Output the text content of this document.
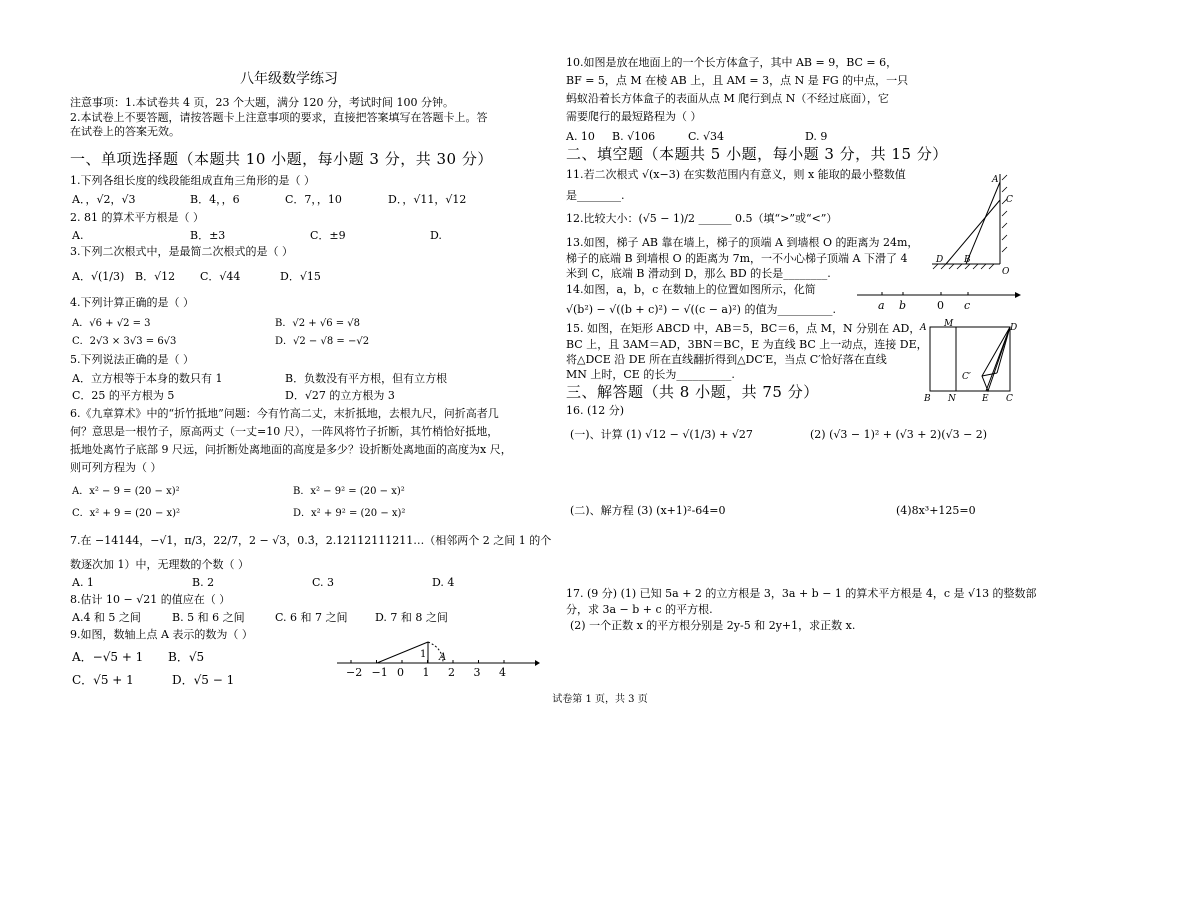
八年级数学练习
注意事项：1.本试卷共 4 页，23 个大题，满分 120 分，考试时间 100 分钟。
2.本试卷上不要答题，请按答题卡上注意事项的要求，直接把答案填写在答题卡上。答
在试卷上的答案无效。
一、单项选择题（本题共 10 小题，每小题 3 分，共 30 分）
1.下列各组长度的线段能组成直角三角形的是（ ）
A．，√2，√3	B．4，，6	C．7，，10	D．，√11，√12
2. 81 的算术平方根是（ ）
A.	B．±3	C．±9	D.
3.下列二次根式中，是最简二次根式的是（ ）
A．√(1/3) B．√12 C．√44	D．√15
4.下列计算正确的是（ ）
A．√6 + √2 = 3	B．√2 + √6 = √8
C．2√3 × 3√3 = 6√3	D．√2 − √8 = −√2
5.下列说法正确的是（ ）
A．立方根等于本身的数只有 1	B．负数没有平方根，但有立方根
C．25 的平方根为 5	D．√27 的立方根为 3
6.《九章算术》中的“折竹抵地”问题：今有竹高二丈，末折抵地，去根九尺，问折高者几
何？意思是一根竹子，原高两丈（一丈=10 尺），一阵风将竹子折断，其竹梢恰好抵地，
抵地处离竹子底部 9 尺远，问折断处离地面的高度是多少？设折断处离地面的高度为x 尺，
则可列方程为（ ）
A．x² − 9 = (20 − x)²	B．x² − 9² = (20 − x)²
C．x² + 9 = (20 − x)²	D．x² + 9² = (20 − x)²
7.在 −14144，−√1，π/3，22/7，2 − √3，0.3̇，2.12112111211…（相邻两个 2 之间 1 的个
数逐次加 1）中，无理数的个数（ ）
A. 1	B. 2	C. 3	D. 4
8.估计 10 − √21 的值应在（ ）
A.4 和 5 之间	B. 5 和 6 之间	C. 6 和 7 之间 D. 7 和 8 之间
9.如图，数轴上点 A 表示的数为（ ）
A．−√5 + 1 B．√5
C．√5 + 1	D．√5 − 1
−2 −1 0 1 2 3 4
1 A
10.如图是放在地面上的一个长方体盒子，其中 AB = 9，BC = 6，
BF = 5，点 M 在棱 AB 上，且 AM = 3，点 N 是 FG 的中点，一只
蚂蚁沿着长方体盒子的表面从点 M 爬行到点 N（不经过底面），它
需要爬行的最短路程为（ ）
A. 10 B. √106	C. √34	D. 9
二、填空题（本题共 5 小题，每小题 3 分，共 15 分）
11.若二次根式 √(x−3) 在实数范围内有意义，则 x 能取的最小整数值
是________.
12.比较大小：(√5 − 1)/2 ______ 0.5（填“>”或“<”）
13.如图，梯子 AB 靠在墙上，梯子的顶端 A 到墙根 O 的距离为 24m，
梯子的底端 B 到墙根 O 的距离为 7m，一不小心梯子顶端 A 下滑了 4
米到 C，底端 B 滑动到 D，那么 BD 的长是________.
14.如图，a，b，c 在数轴上的位置如图所示，化简
√(b²) − √((b + c)²) − √((c − a)²) 的值为__________.
15. 如图，在矩形 ABCD 中，AB＝5，BC＝6，点 M，N 分别在 AD，
BC 上，且 3AM＝AD，3BN＝BC，E 为直线 BC 上一动点，连接 DE，
将△DCE 沿 DE 所在直线翻折得到△DC′E，当点 C′恰好落在直线
MN 上时，CE 的长为__________.
A
C
D B
O
a b	0 c
A M	D
C′
B N	E C
三、解答题（共 8 小题，共 75 分）
16. (12 分)
(一)、计算 (1) √12 − √(1/3) + √27	(2) (√3 − 1)² + (√3 + 2)(√3 − 2)
(二)、解方程 (3) (x+1)²-64=0	(4)8x³+125=0
17. (9 分) (1) 已知 5a + 2 的立方根是 3，3a + b − 1 的算术平方根是 4，c 是 √13 的整数部
分，求 3a − b + c 的平方根.
(2) 一个正数 x 的平方根分别是 2y-5 和 2y+1，求正数 x.
试卷第 1 页，共 3 页
